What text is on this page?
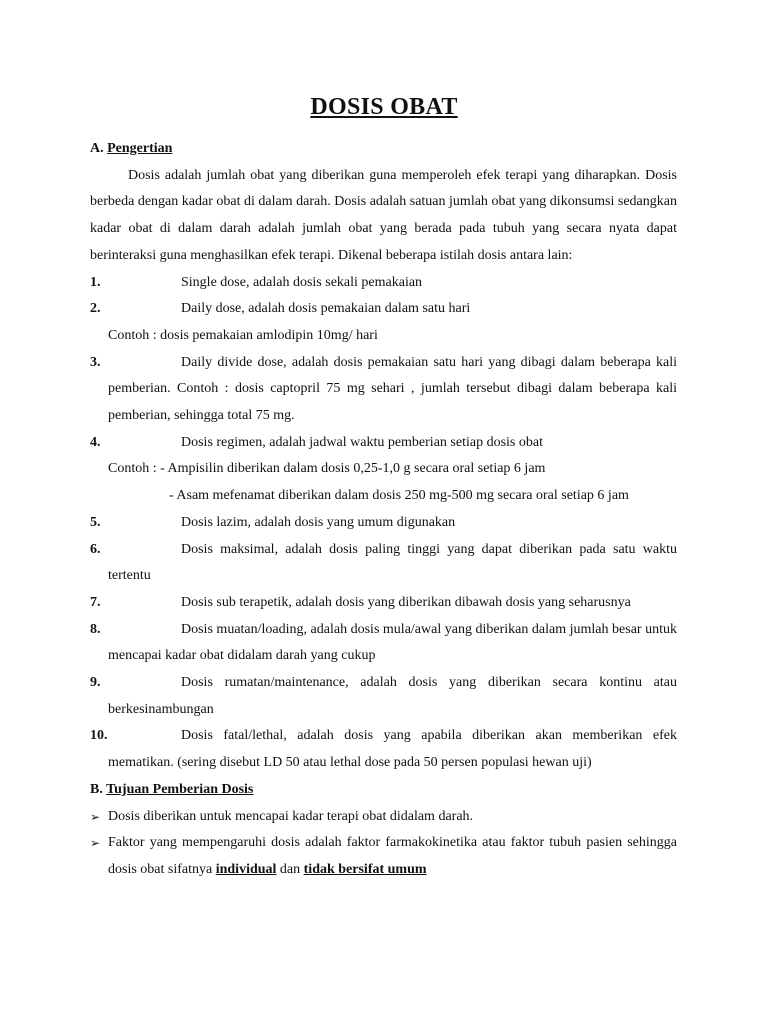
DOSIS OBAT

A. Pengertian

Dosis adalah jumlah obat yang diberikan guna memperoleh efek terapi yang diharapkan. Dosis berbeda dengan kadar obat di dalam darah. Dosis adalah satuan jumlah obat yang dikonsumsi sedangkan kadar obat di dalam darah adalah jumlah obat yang berada pada tubuh yang secara nyata dapat berinteraksi guna menghasilkan efek terapi. Dikenal beberapa istilah dosis antara lain:

1.	Single dose, adalah dosis sekali pemakaian
2.	Daily dose, adalah dosis pemakaian dalam satu hari

Contoh : dosis pemakaian amlodipin 10mg/ hari

3.	Daily divide dose, adalah dosis pemakaian satu hari yang dibagi dalam beberapa kali pemberian. Contoh : dosis captopril 75 mg sehari , jumlah tersebut dibagi dalam beberapa kali pemberian, sehingga total 75 mg.
4.	Dosis regimen, adalah jadwal waktu pemberian setiap dosis obat

Contoh : - Ampisilin diberikan dalam dosis 0,25-1,0 g secara oral setiap 6 jam

- Asam mefenamat diberikan dalam dosis 250 mg-500 mg secara oral setiap 6 jam

5.	Dosis lazim, adalah dosis yang umum digunakan
6.	Dosis maksimal, adalah dosis paling tinggi yang dapat diberikan pada satu waktu tertentu
7.	Dosis sub terapetik, adalah dosis yang diberikan dibawah dosis yang seharusnya
8.	Dosis muatan/loading, adalah dosis mula/awal yang diberikan dalam jumlah besar untuk mencapai kadar obat didalam darah yang cukup
9.	Dosis rumatan/maintenance, adalah dosis yang diberikan secara kontinu atau berkesinambungan
10.	Dosis fatal/lethal, adalah dosis yang apabila diberikan akan memberikan efek mematikan. (sering disebut LD 50 atau lethal dose pada 50 persen populasi hewan uji)

B. Tujuan Pemberian Dosis

➢ Dosis diberikan untuk mencapai kadar terapi obat didalam darah.
➢ Faktor yang mempengaruhi dosis adalah faktor farmakokinetika atau faktor tubuh pasien sehingga dosis obat sifatnya individual dan tidak bersifat umum
